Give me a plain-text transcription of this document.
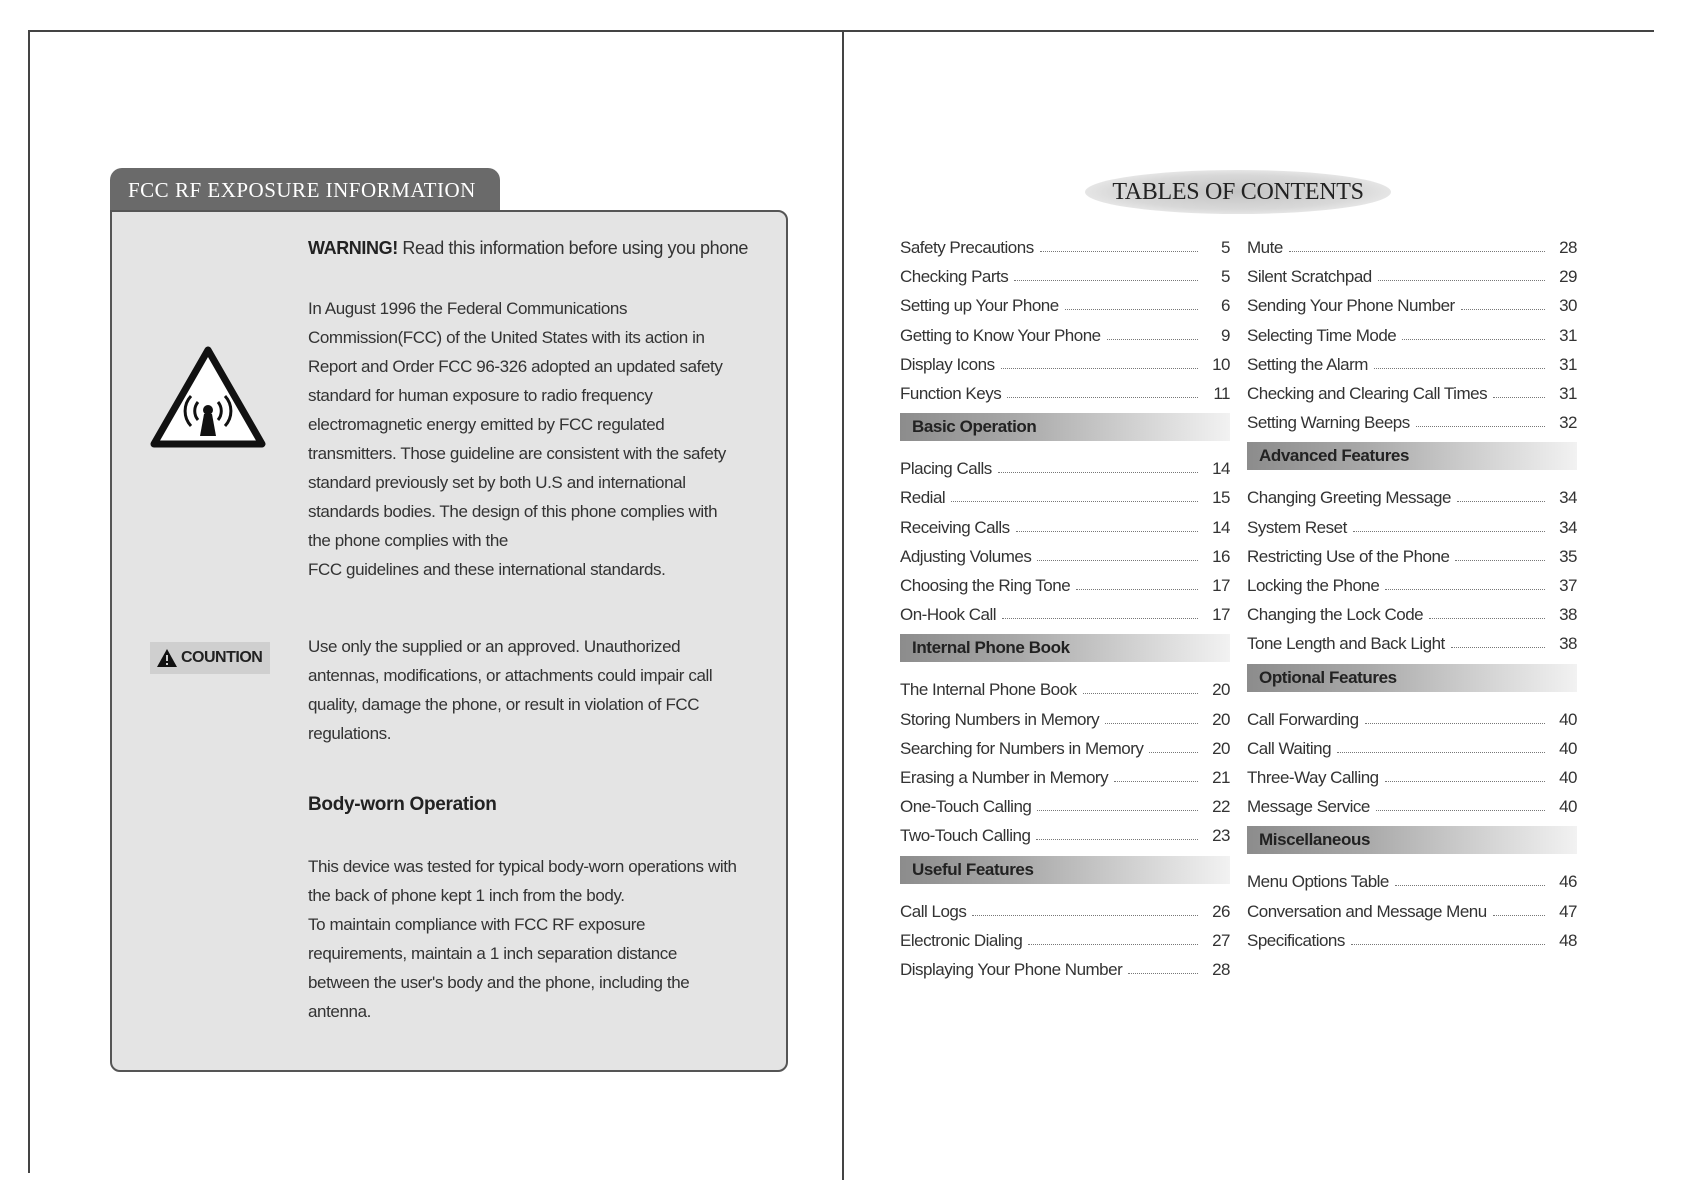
FCC RF EXPOSURE INFORMATION
WARNING! Read this information before using you phone
In August 1996 the Federal Communications
Commission(FCC) of the United States with its action in
Report and Order FCC 96-326 adopted an updated safety
standard for human exposure to radio frequency
electromagnetic energy emitted by FCC regulated
transmitters. Those guideline are consistent with the safety
standard previously set by both U.S and international
standards bodies. The design of this phone complies with
the phone complies with the
FCC guidelines and these international standards.
COUNTION
Use only the supplied or an approved. Unauthorized
antennas, modifications, or attachments could impair call
quality, damage the phone, or result in violation of FCC
regulations.
Body-worn Operation
This device was tested for typical body-worn operations with
the back of phone kept 1 inch from the body.
To maintain compliance with FCC RF exposure
requirements, maintain a 1 inch separation distance
between the user's body and the phone, including the
antenna.
TABLES OF CONTENTS
Safety Precautions	5
Checking Parts	5
Setting up Your Phone	6
Getting to Know Your Phone	9
Display Icons	10
Function Keys	11
Basic Operation
Placing Calls	14
Redial	15
Receiving Calls	14
Adjusting Volumes	16
Choosing the Ring Tone	17
On-Hook Call	17
Internal Phone Book
The Internal Phone Book	20
Storing Numbers in Memory	20
Searching for Numbers in Memory	20
Erasing a Number in Memory	21
One-Touch Calling	22
Two-Touch Calling	23
Useful Features
Call Logs	26
Electronic Dialing	27
Displaying Your Phone Number	28
Mute	28
Silent Scratchpad	29
Sending Your Phone Number	30
Selecting Time Mode	31
Setting the Alarm	31
Checking and Clearing Call Times	31
Setting Warning Beeps	32
Advanced Features
Changing Greeting Message	34
System Reset	34
Restricting Use of the Phone	35
Locking the Phone	37
Changing the Lock Code	38
Tone Length and Back Light	38
Optional Features
Call Forwarding	40
Call Waiting	40
Three-Way Calling	40
Message Service	40
Miscellaneous
Menu Options Table	46
Conversation and Message Menu	47
Specifications	48
